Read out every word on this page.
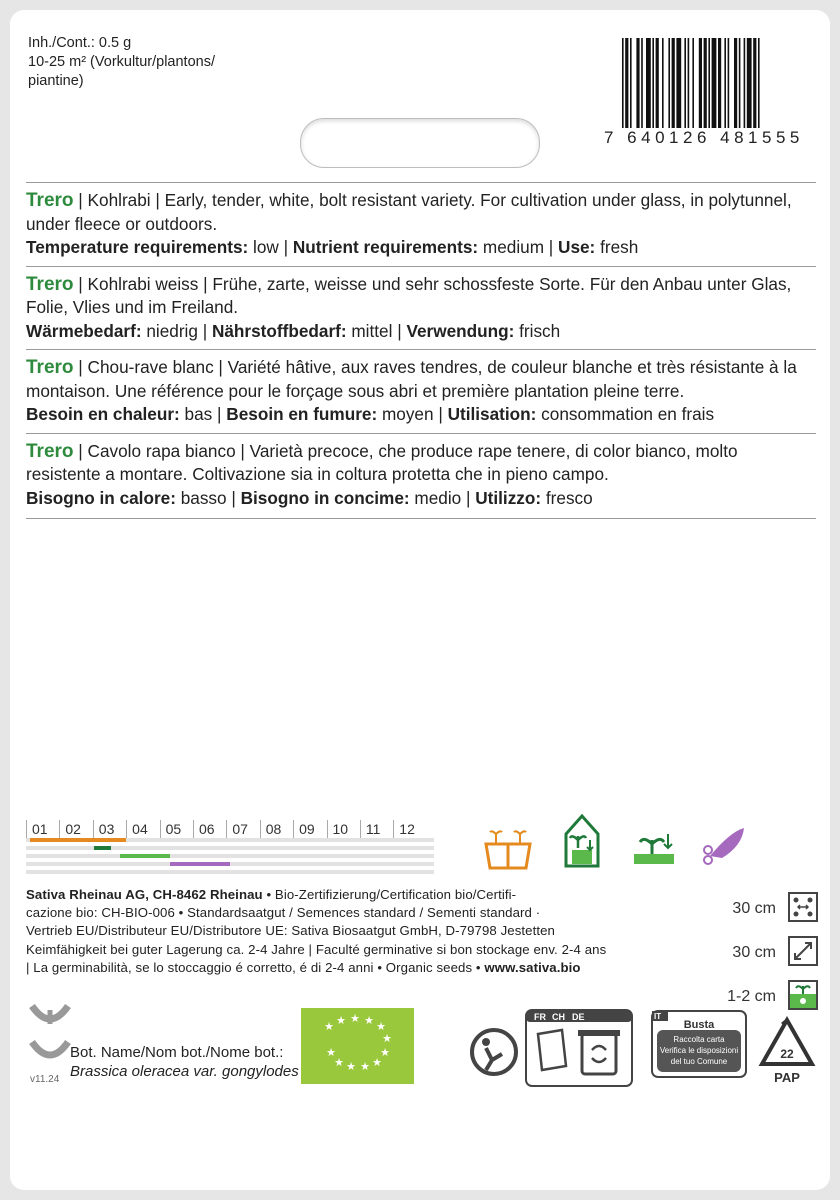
Inh./Cont.: 0.5 g
10-25 m² (Vorkultur/plantons/
piantine)
7 640126 481555
Trero | Kohlrabi | Early, tender, white, bolt resistant variety. For cultivation under glass, in polytunnel, under fleece or outdoors.
Temperature requirements: low | Nutrient requirements: medium | Use: fresh
Trero | Kohlrabi weiss | Frühe, zarte, weisse und sehr schossfeste Sorte. Für den Anbau unter Glas, Folie, Vlies und im Freiland.
Wärmebedarf: niedrig | Nährstoffbedarf: mittel | Verwendung: frisch
Trero | Chou-rave blanc | Variété hâtive, aux raves tendres, de couleur blanche et très résistante à la montaison. Une référence pour le forçage sous abri et première plantation pleine terre.
Besoin en chaleur: bas | Besoin en fumure: moyen | Utilisation: consommation en frais
Trero | Cavolo rapa bianco | Varietà precoce, che produce rape tenere, di color bianco, molto resistente a montare. Coltivazione sia in coltura protetta che in pieno campo.
Bisogno in calore: basso | Bisogno in concime: medio | Utilizzo: fresco
01	02	03	04	05	06	07	08	09	10	11	12
Sativa Rheinau AG, CH-8462 Rheinau • Bio-Zertifizierung/Certification bio/Certifi-
cazione bio: CH-BIO-006 • Standardsaatgut / Semences standard / Sementi standard ·
Vertrieb EU/Distributeur EU/Distributore UE: Sativa Biosaatgut GmbH, D-79798 Jestetten
Keimfähigkeit bei guter Lagerung ca. 2-4 Jahre | Faculté germinative si bon stockage env. 2-4 ans
| La germinabilità, se lo stoccaggio é corretto, é di 2-4 anni • Organic seeds • www.sativa.bio
30 cm
30 cm
1-2 cm
Bot. Name/Nom bot./Nome bot.:
Brassica oleracea var. gongylodes
v11.24
★ ★ ★ ★ ★
★
★
★
★
★
★
★
FR CH DE	IT
Busta
Raccolta carta
Verifica le disposizioni
del tuo Comune
22
PAP
